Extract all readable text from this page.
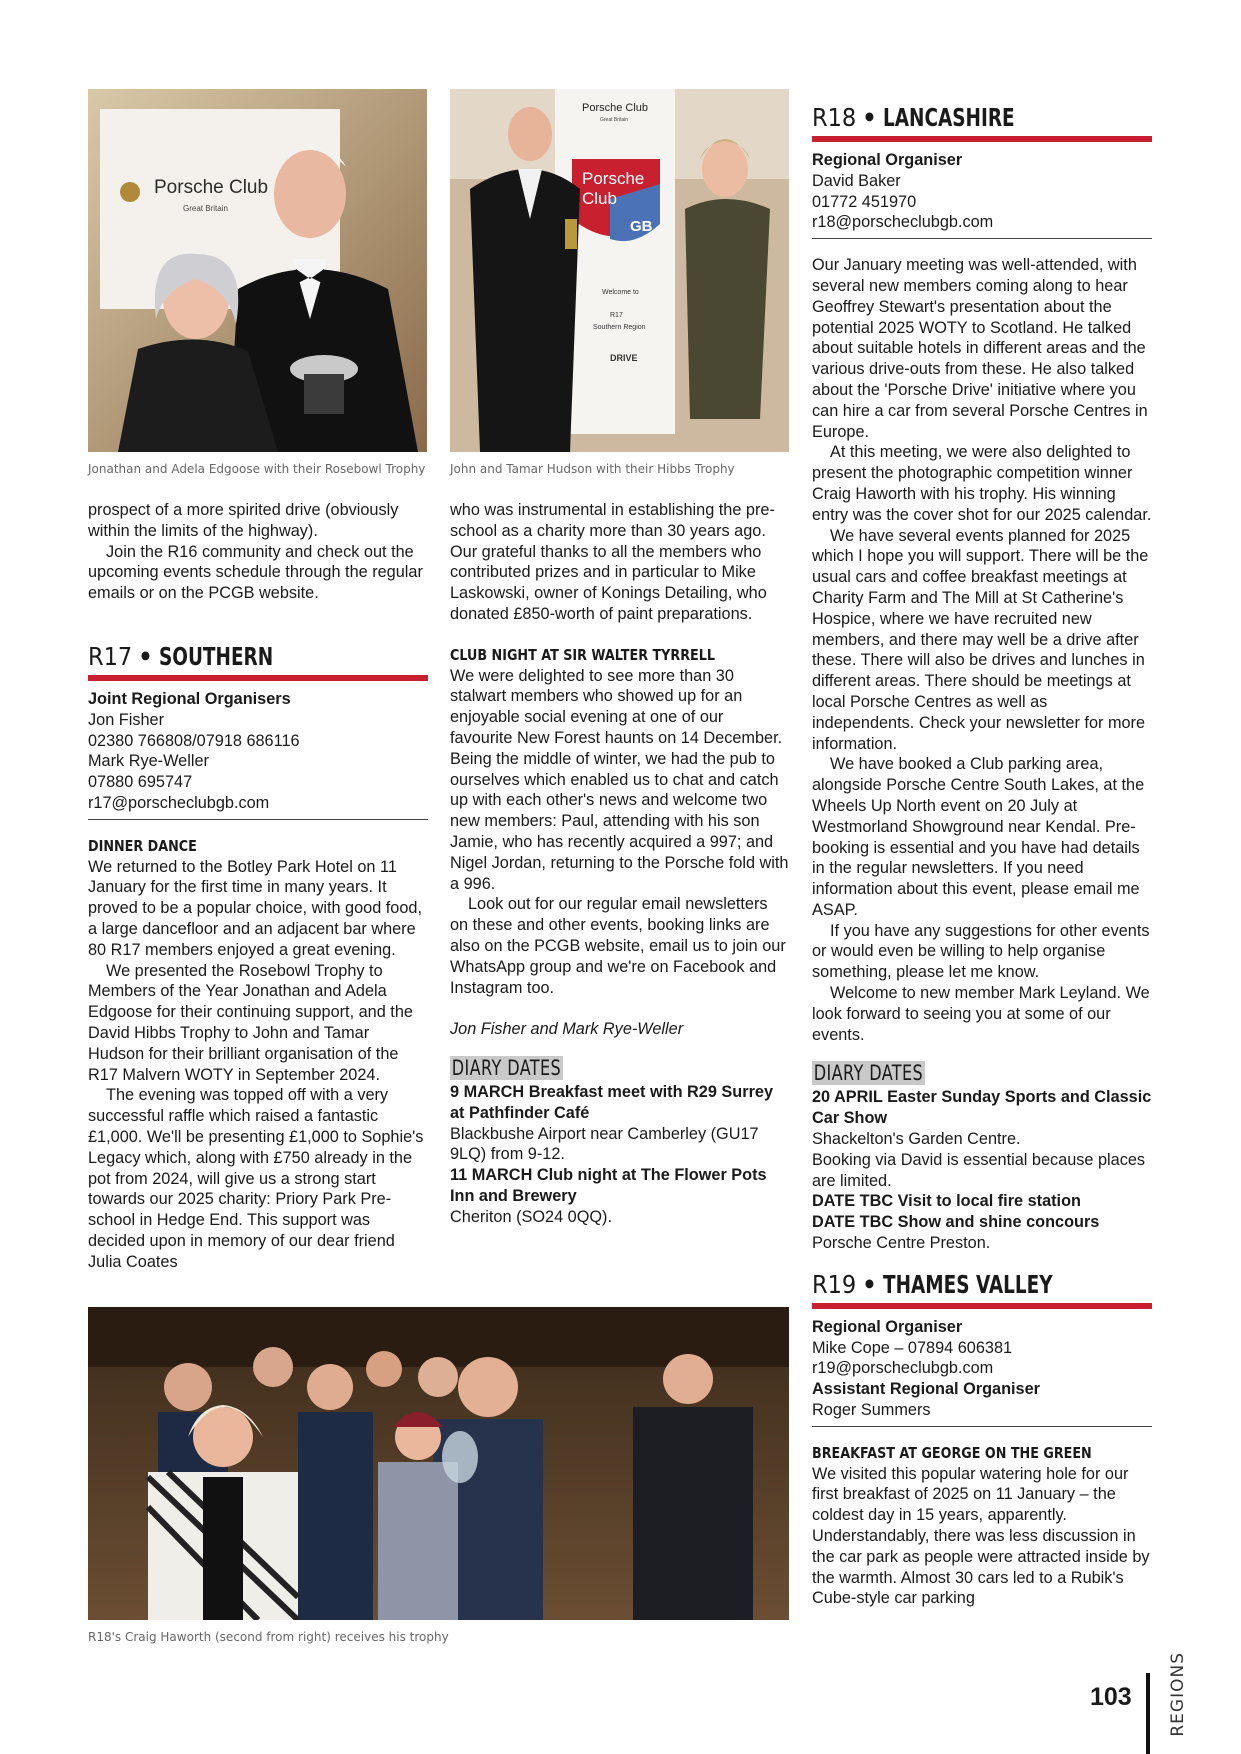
Porsche Club
Great Britain
Jonathan and Adela Edgoose with their Rosebowl Trophy
Porsche Club
Great Britain
Porsche
Club
GB
Welcome to
R17
Southern Region
DRIVE
John and Tamar Hudson with their Hibbs Trophy
R18's Craig Haworth (second from right) receives his trophy

prospect of a more spirited drive (obviously within the limits of the highway).

Join the R16 community and check out the upcoming events schedule through the regular emails or on the PCGB website.

R17 • SOUTHERN

Joint Regional Organisers

Jon Fisher

02380 766808/07918 686116

Mark Rye-Weller

07880 695747

r17@porscheclubgb.com

DINNER DANCE

We returned to the Botley Park Hotel on 11 January for the first time in many years. It proved to be a popular choice, with good food, a large dancefloor and an adjacent bar where 80 R17 members enjoyed a great evening.

We presented the Rosebowl Trophy to Members of the Year Jonathan and Adela Edgoose for their continuing support, and the David Hibbs Trophy to John and Tamar Hudson for their brilliant organisation of the R17 Malvern WOTY in September 2024.

The evening was topped off with a very successful raffle which raised a fantastic £1,000. We'll be presenting £1,000 to Sophie's Legacy which, along with £750 already in the pot from 2024, will give us a strong start towards our 2025 charity: Priory Park Pre-school in Hedge End. This support was decided upon in memory of our dear friend Julia Coates

who was instrumental in establishing the pre-school as a charity more than 30 years ago. Our grateful thanks to all the members who contributed prizes and in particular to Mike Laskowski, owner of Konings Detailing, who donated £850-worth of paint preparations.

CLUB NIGHT AT SIR WALTER TYRRELL

We were delighted to see more than 30 stalwart members who showed up for an enjoyable social evening at one of our favourite New Forest haunts on 14 December. Being the middle of winter, we had the pub to ourselves which enabled us to chat and catch up with each other's news and welcome two new members: Paul, attending with his son Jamie, who has recently acquired a 997; and Nigel Jordan, returning to the Porsche fold with a 996.

Look out for our regular email newsletters on these and other events, booking links are also on the PCGB website, email us to join our WhatsApp group and we're on Facebook and Instagram too.

Jon Fisher and Mark Rye-Weller

DIARY DATES

9 MARCH Breakfast meet with R29 Surrey at Pathfinder Café

Blackbushe Airport near Camberley (GU17 9LQ) from 9-12.

11 MARCH Club night at The Flower Pots Inn and Brewery

Cheriton (SO24 0QQ).

R18 • LANCASHIRE

Regional Organiser

David Baker

01772 451970

r18@porscheclubgb.com

Our January meeting was well-attended, with several new members coming along to hear Geoffrey Stewart's presentation about the potential 2025 WOTY to Scotland. He talked about suitable hotels in different areas and the various drive-outs from these. He also talked about the 'Porsche Drive' initiative where you can hire a car from several Porsche Centres in Europe.

At this meeting, we were also delighted to present the photographic competition winner Craig Haworth with his trophy. His winning entry was the cover shot for our 2025 calendar.

We have several events planned for 2025 which I hope you will support. There will be the usual cars and coffee breakfast meetings at Charity Farm and The Mill at St Catherine's Hospice, where we have recruited new members, and there may well be a drive after these. There will also be drives and lunches in different areas. There should be meetings at local Porsche Centres as well as independents. Check your newsletter for more information.

We have booked a Club parking area, alongside Porsche Centre South Lakes, at the Wheels Up North event on 20 July at Westmorland Showground near Kendal. Pre-booking is essential and you have had details in the regular newsletters. If you need information about this event, please email me ASAP.

If you have any suggestions for other events or would even be willing to help organise something, please let me know.

Welcome to new member Mark Leyland. We look forward to seeing you at some of our events.

DIARY DATES

20 APRIL Easter Sunday Sports and Classic Car Show

Shackelton's Garden Centre.

Booking via David is essential because places are limited.

DATE TBC Visit to local fire station

DATE TBC Show and shine concours

Porsche Centre Preston.

R19 • THAMES VALLEY

Regional Organiser

Mike Cope – 07894 606381

r19@porscheclubgb.com

Assistant Regional Organiser

Roger Summers

BREAKFAST AT GEORGE ON THE GREEN

We visited this popular watering hole for our first breakfast of 2025 on 11 January – the coldest day in 15 years, apparently. Understandably, there was less discussion in the car park as people were attracted inside by the warmth. Almost 30 cars led to a Rubik's Cube-style car parking

REGIONS
103
